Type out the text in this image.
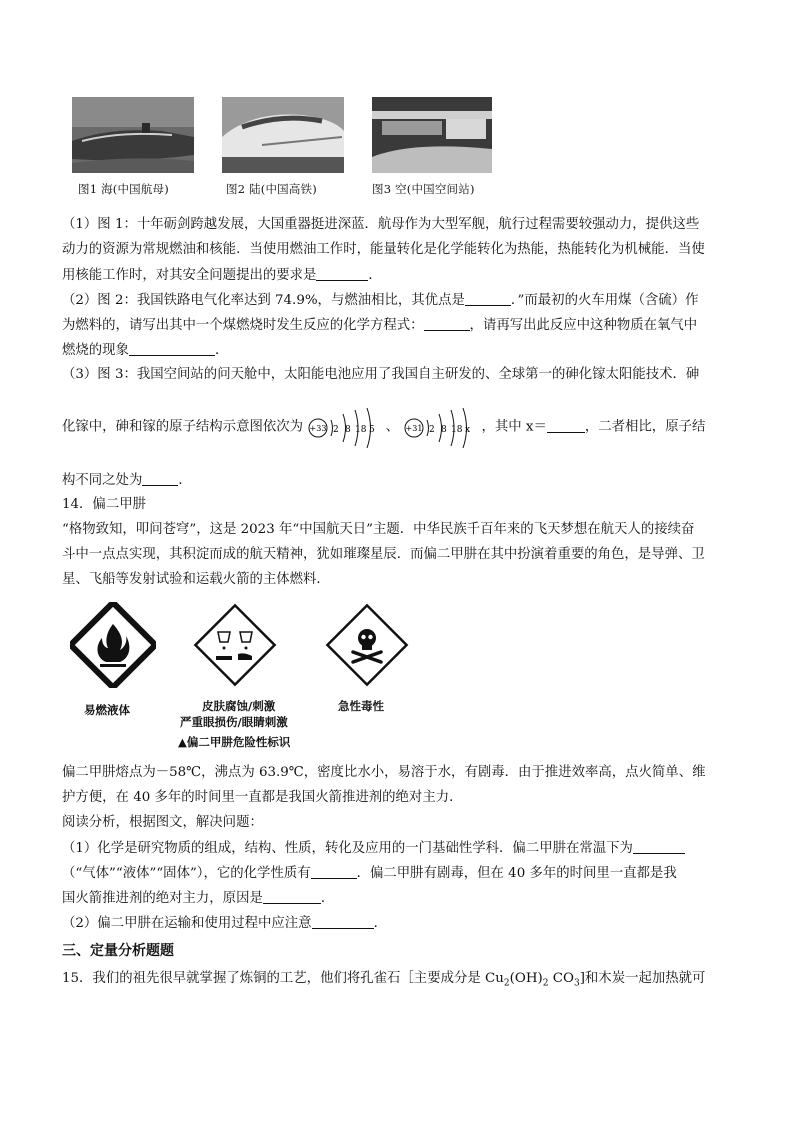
图1 海(中国航母)	图2 陆(中国高铁)	图3 空(中国空间站)
（1）图 1：十年砺剑跨越发展，大国重器挺进深蓝．航母作为大型军舰，航行过程需要较强动力，提供这些
动力的资源为常规燃油和核能．当使用燃油工作时，能量转化是化学能转化为热能，热能转化为机械能．当使
用核能工作时，对其安全问题提出的要求是	．
（2）图 2：我国铁路电气化率达到 74.9%，与燃油相比，其优点是	．”而最初的火车用煤（含硫）作
为燃料的，请写出其中一个煤燃烧时发生反应的化学方程式：	，请再写出此反应中这种物质在氧气中
燃烧的现象	．
（3）图 3：我国空间站的问天舱中，太阳能电池应用了我国自主研发的、全球第一的砷化镓太阳能技术．砷
化镓中，砷和镓的原子结构示意图依次为 +33 2 8 18 5 、 +31 2 8 18 x ，其中 x＝	，二者相比，原子结
构不同之处为	．
14．偏二甲肼
“格物致知，叩问苍穹”，这是 2023 年“中国航天日”主题．中华民族千百年来的飞天梦想在航天人的接续奋
斗中一点点实现，其积淀而成的航天精神，犹如璀璨星辰．而偏二甲肼在其中扮演着重要的角色，是导弹、卫
星、飞船等发射试验和运载火箭的主体燃料．
易燃液体	皮肤腐蚀/刺激
严重眼损伤/眼睛刺激
▲偏二甲肼危险性标识
急性毒性
偏二甲肼熔点为－58℃，沸点为 63.9℃，密度比水小，易溶于水，有剧毒．由于推进效率高，点火简单、维
护方便，在 40 多年的时间里一直都是我国火箭推进剂的绝对主力．
阅读分析，根据图文，解决问题：
（1）化学是研究物质的组成，结构、性质，转化及应用的一门基础性学科．偏二甲肼在常温下为
（“气体”“液体”“固体”），它的化学性质有	．偏二甲肼有剧毒，但在 40 多年的时间里一直都是我
国火箭推进剂的绝对主力，原因是	．
（2）偏二甲肼在运输和使用过程中应注意	．
三、定量分析题题
15．我们的祖先很早就掌握了炼铜的工艺，他们将孔雀石［主要成分是 $Cu_2(OH)_2$ $CO_3$]和木炭一起加热就可
